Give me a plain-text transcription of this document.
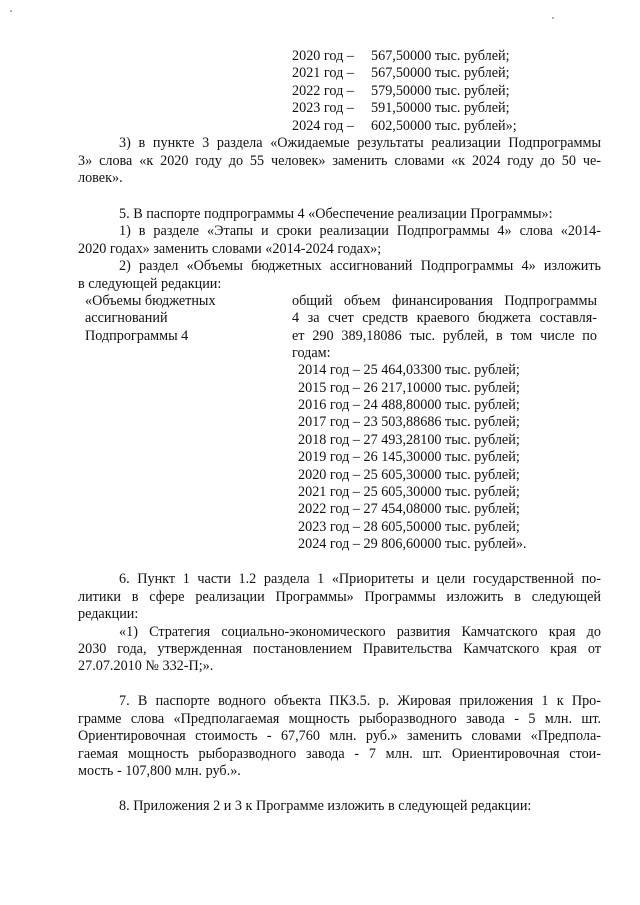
2020 год – 567,50000 тыс. рублей;
2021 год – 567,50000 тыс. рублей;
2022 год – 579,50000 тыс. рублей;
2023 год – 591,50000 тыс. рублей;
2024 год – 602,50000 тыс. рублей»;
3) в пункте 3 раздела «Ожидаемые результаты реализации Подпрограммы
3» слова «к 2020 году до 55 человек» заменить словами «к 2024 году до 50 че-
ловек».
5. В паспорте подпрограммы 4 «Обеспечение реализации Программы»:
1) в разделе «Этапы и сроки реализации Подпрограммы 4» слова «2014-
2020 годах» заменить словами «2014-2024 годах»;
2) раздел «Объемы бюджетных ассигнований Подпрограммы 4» изложить
в следующей редакции:
«Объемы бюджетных
ассигнований
Подпрограммы 4
общий объем финансирования Подпрограммы
4 за счет средств краевого бюджета составля-
ет 290 389,18086 тыс. рублей, в том числе по
годам:
2014 год – 25 464,03300 тыс. рублей;
2015 год – 26 217,10000 тыс. рублей;
2016 год – 24 488,80000 тыс. рублей;
2017 год – 23 503,88686 тыс. рублей;
2018 год – 27 493,28100 тыс. рублей;
2019 год – 26 145,30000 тыс. рублей;
2020 год – 25 605,30000 тыс. рублей;
2021 год – 25 605,30000 тыс. рублей;
2022 год – 27 454,08000 тыс. рублей;
2023 год – 28 605,50000 тыс. рублей;
2024 год – 29 806,60000 тыс. рублей».
6. Пункт 1 части 1.2 раздела 1 «Приоритеты и цели государственной по-
литики в сфере реализации Программы» Программы изложить в следующей
редакции:
«1) Стратегия социально-экономического развития Камчатского края до
2030 года, утвержденная постановлением Правительства Камчатского края от
27.07.2010 № 332-П;».
7. В паспорте водного объекта ПКЗ.5. р. Жировая приложения 1 к Про-
грамме слова «Предполагаемая мощность рыборазводного завода - 5 млн. шт.
Ориентировочная стоимость - 67,760 млн. руб.» заменить словами «Предпола-
гаемая мощность рыборазводного завода - 7 млн. шт. Ориентировочная стои-
мость - 107,800 млн. руб.».
8. Приложения 2 и 3 к Программе изложить в следующей редакции:
